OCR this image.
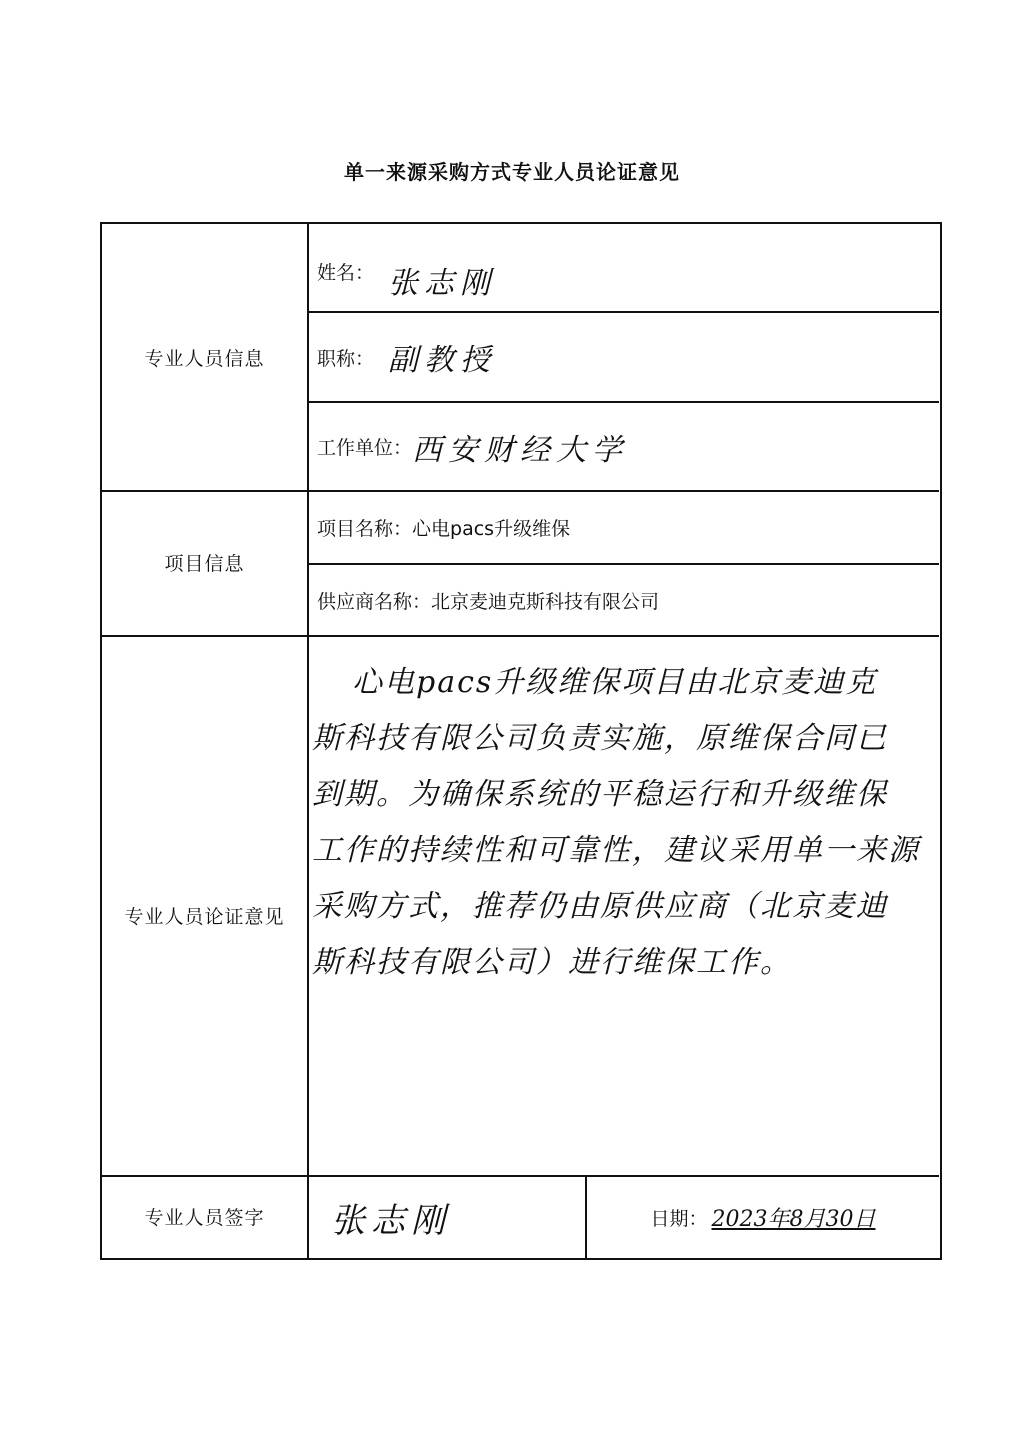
单一来源采购方式专业人员论证意见
专业人员信息
项目信息
专业人员论证意见
专业人员签字
姓名： 张志刚
职称： 副教授
工作单位： 西安财经大学
项目名称： 心电pacs升级维保
供应商名称： 北京麦迪克斯科技有限公司
心电pacs升级维保项目由北京麦迪克
斯科技有限公司负责实施，原维保合同已
到期。为确保系统的平稳运行和升级维保
工作的持续性和可靠性，建议采用单一来源
采购方式，推荐仍由原供应商（北京麦迪
斯科技有限公司）进行维保工作。
张志刚	日期： 2023年8月30日
